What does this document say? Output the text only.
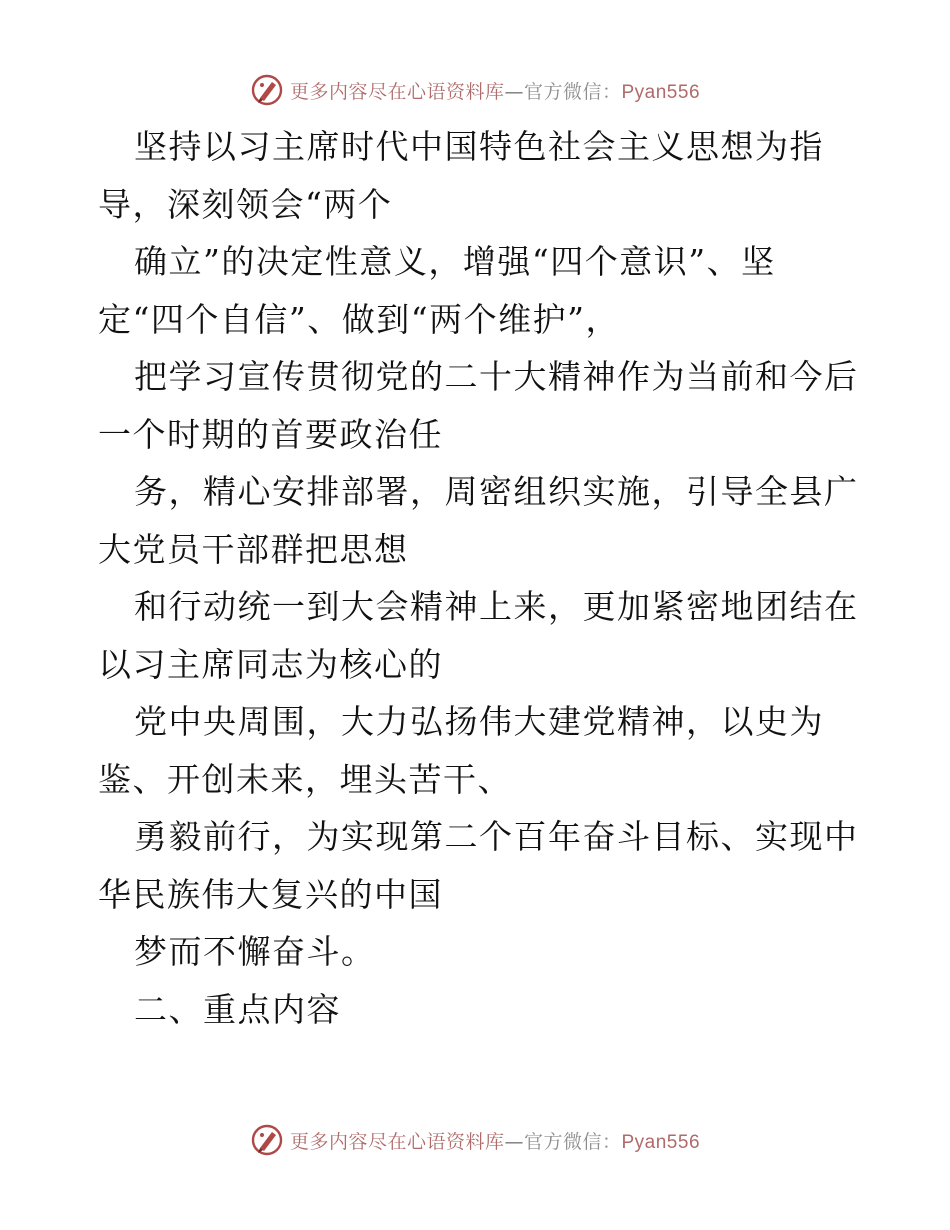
更多内容尽在心语资料库—官方微信：Pyan556
坚持以习主席时代中国特色社会主义思想为指
导，深刻领会“两个
确立”的决定性意义，增强“四个意识”、坚
定“四个自信”、做到“两个维护”，
把学习宣传贯彻党的二十大精神作为当前和今后
一个时期的首要政治任
务，精心安排部署，周密组织实施，引导全县广
大党员干部群把思想
和行动统一到大会精神上来，更加紧密地团结在
以习主席同志为核心的
党中央周围，大力弘扬伟大建党精神，以史为
鉴、开创未来，埋头苦干、
勇毅前行，为实现第二个百年奋斗目标、实现中
华民族伟大复兴的中国
梦而不懈奋斗。
二、重点内容
更多内容尽在心语资料库—官方微信：Pyan556
